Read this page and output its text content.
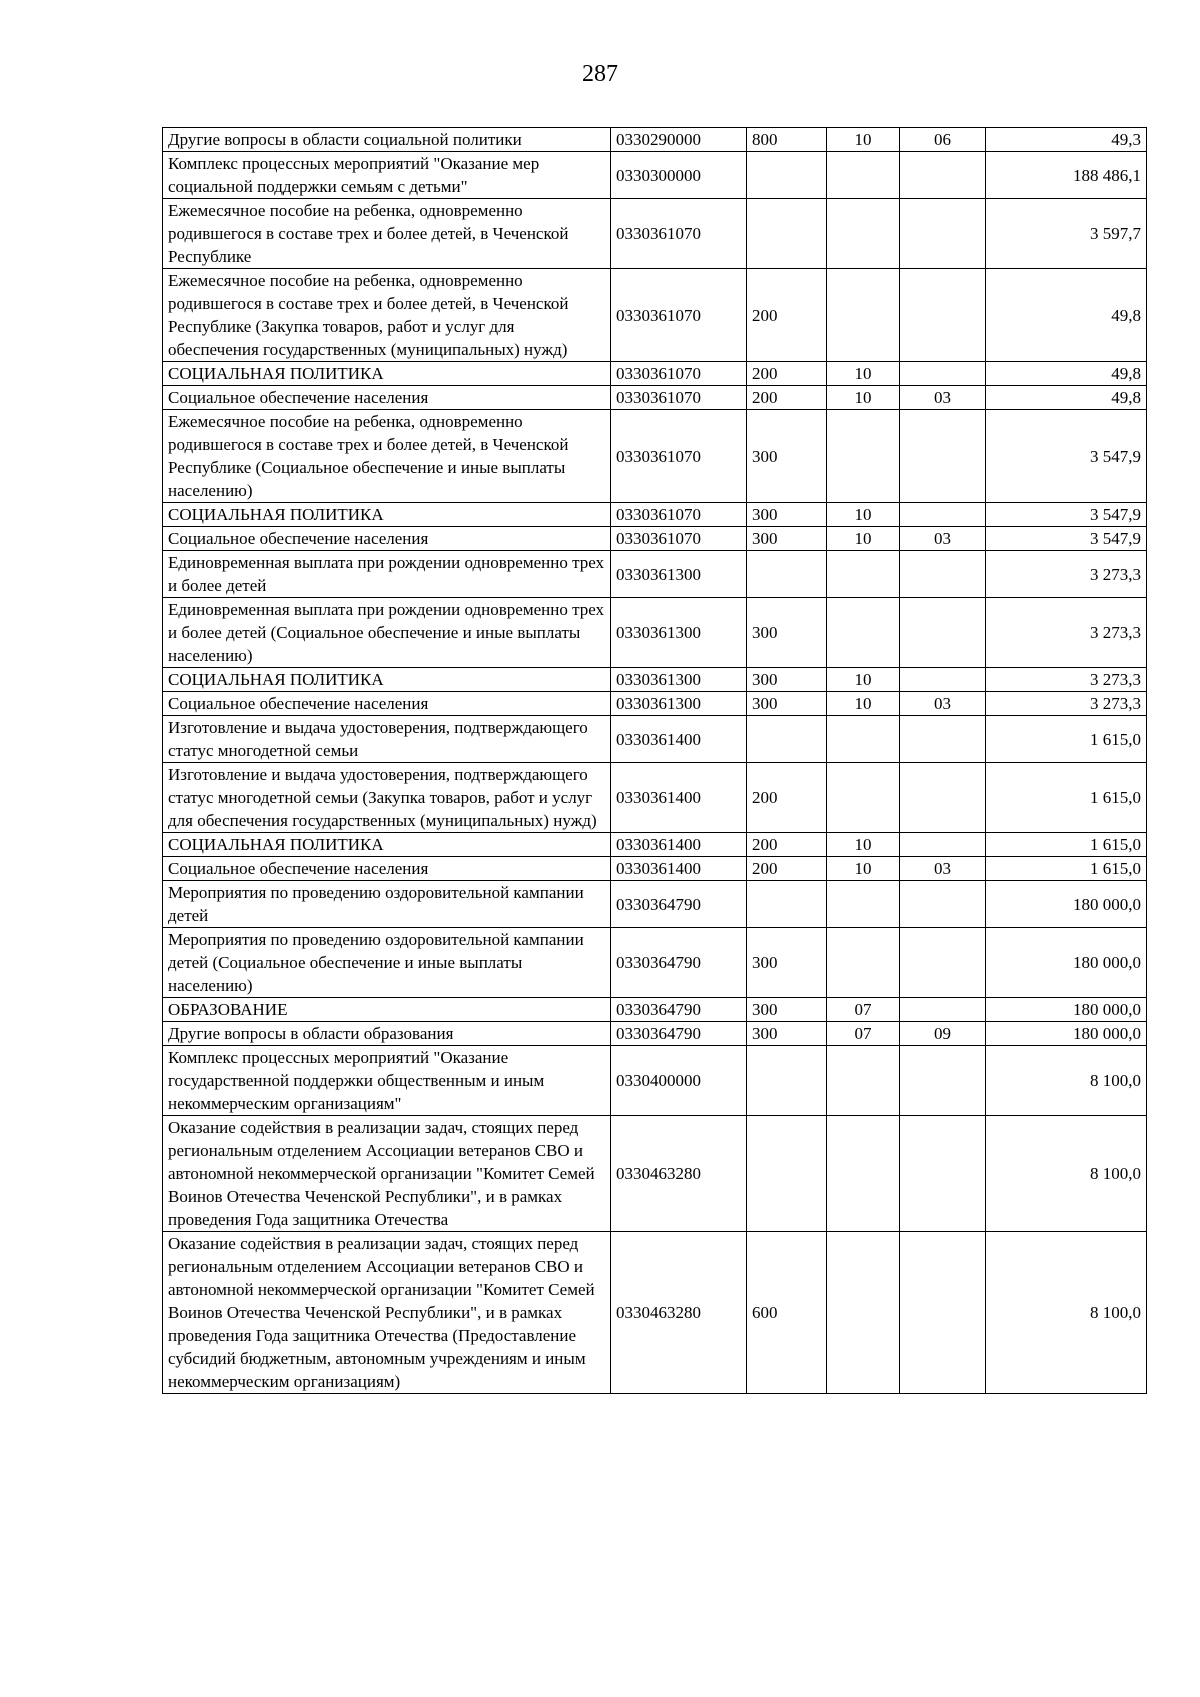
287
Другие вопросы в области социальной политики	0330290000	800	10	06	49,3
Комплекс процессных мероприятий "Оказание мер социальной поддержки семьям с детьми"	0330300000				188 486,1
Ежемесячное пособие на ребенка, одновременно родившегося в составе трех и более детей, в Чеченской Республике	0330361070				3 597,7
Ежемесячное пособие на ребенка, одновременно родившегося в составе трех и более детей, в Чеченской Республике (Закупка товаров, работ и услуг для обеспечения государственных (муниципальных) нужд)	0330361070	200			49,8
СОЦИАЛЬНАЯ ПОЛИТИКА	0330361070	200	10		49,8
Социальное обеспечение населения	0330361070	200	10	03	49,8
Ежемесячное пособие на ребенка, одновременно родившегося в составе трех и более детей, в Чеченской Республике (Социальное обеспечение и иные выплаты населению)	0330361070	300			3 547,9
СОЦИАЛЬНАЯ ПОЛИТИКА	0330361070	300	10		3 547,9
Социальное обеспечение населения	0330361070	300	10	03	3 547,9
Единовременная выплата при рождении одновременно трех и более детей	0330361300				3 273,3
Единовременная выплата при рождении одновременно трех и более детей (Социальное обеспечение и иные выплаты населению)	0330361300	300			3 273,3
СОЦИАЛЬНАЯ ПОЛИТИКА	0330361300	300	10		3 273,3
Социальное обеспечение населения	0330361300	300	10	03	3 273,3
Изготовление и выдача удостоверения, подтверждающего статус многодетной семьи	0330361400				1 615,0
Изготовление и выдача удостоверения, подтверждающего статус многодетной семьи (Закупка товаров, работ и услуг для обеспечения государственных (муниципальных) нужд)	0330361400	200			1 615,0
СОЦИАЛЬНАЯ ПОЛИТИКА	0330361400	200	10		1 615,0
Социальное обеспечение населения	0330361400	200	10	03	1 615,0
Мероприятия по проведению оздоровительной кампании детей	0330364790				180 000,0
Мероприятия по проведению оздоровительной кампании детей (Социальное обеспечение и иные выплаты населению)	0330364790	300			180 000,0
ОБРАЗОВАНИЕ	0330364790	300	07		180 000,0
Другие вопросы в области образования	0330364790	300	07	09	180 000,0
Комплекс процессных мероприятий "Оказание государственной поддержки общественным и иным некоммерческим организациям"	0330400000				8 100,0
Оказание содействия в реализации задач, стоящих перед региональным отделением Ассоциации ветеранов СВО и автономной некоммерческой организации "Комитет Семей Воинов Отечества Чеченской Республики", и в рамках проведения Года защитника Отечества	0330463280				8 100,0
Оказание содействия в реализации задач, стоящих перед региональным отделением Ассоциации ветеранов СВО и автономной некоммерческой организации "Комитет Семей Воинов Отечества Чеченской Республики", и в рамках проведения Года защитника Отечества (Предоставление субсидий бюджетным, автономным учреждениям и иным некоммерческим организациям)	0330463280	600			8 100,0
